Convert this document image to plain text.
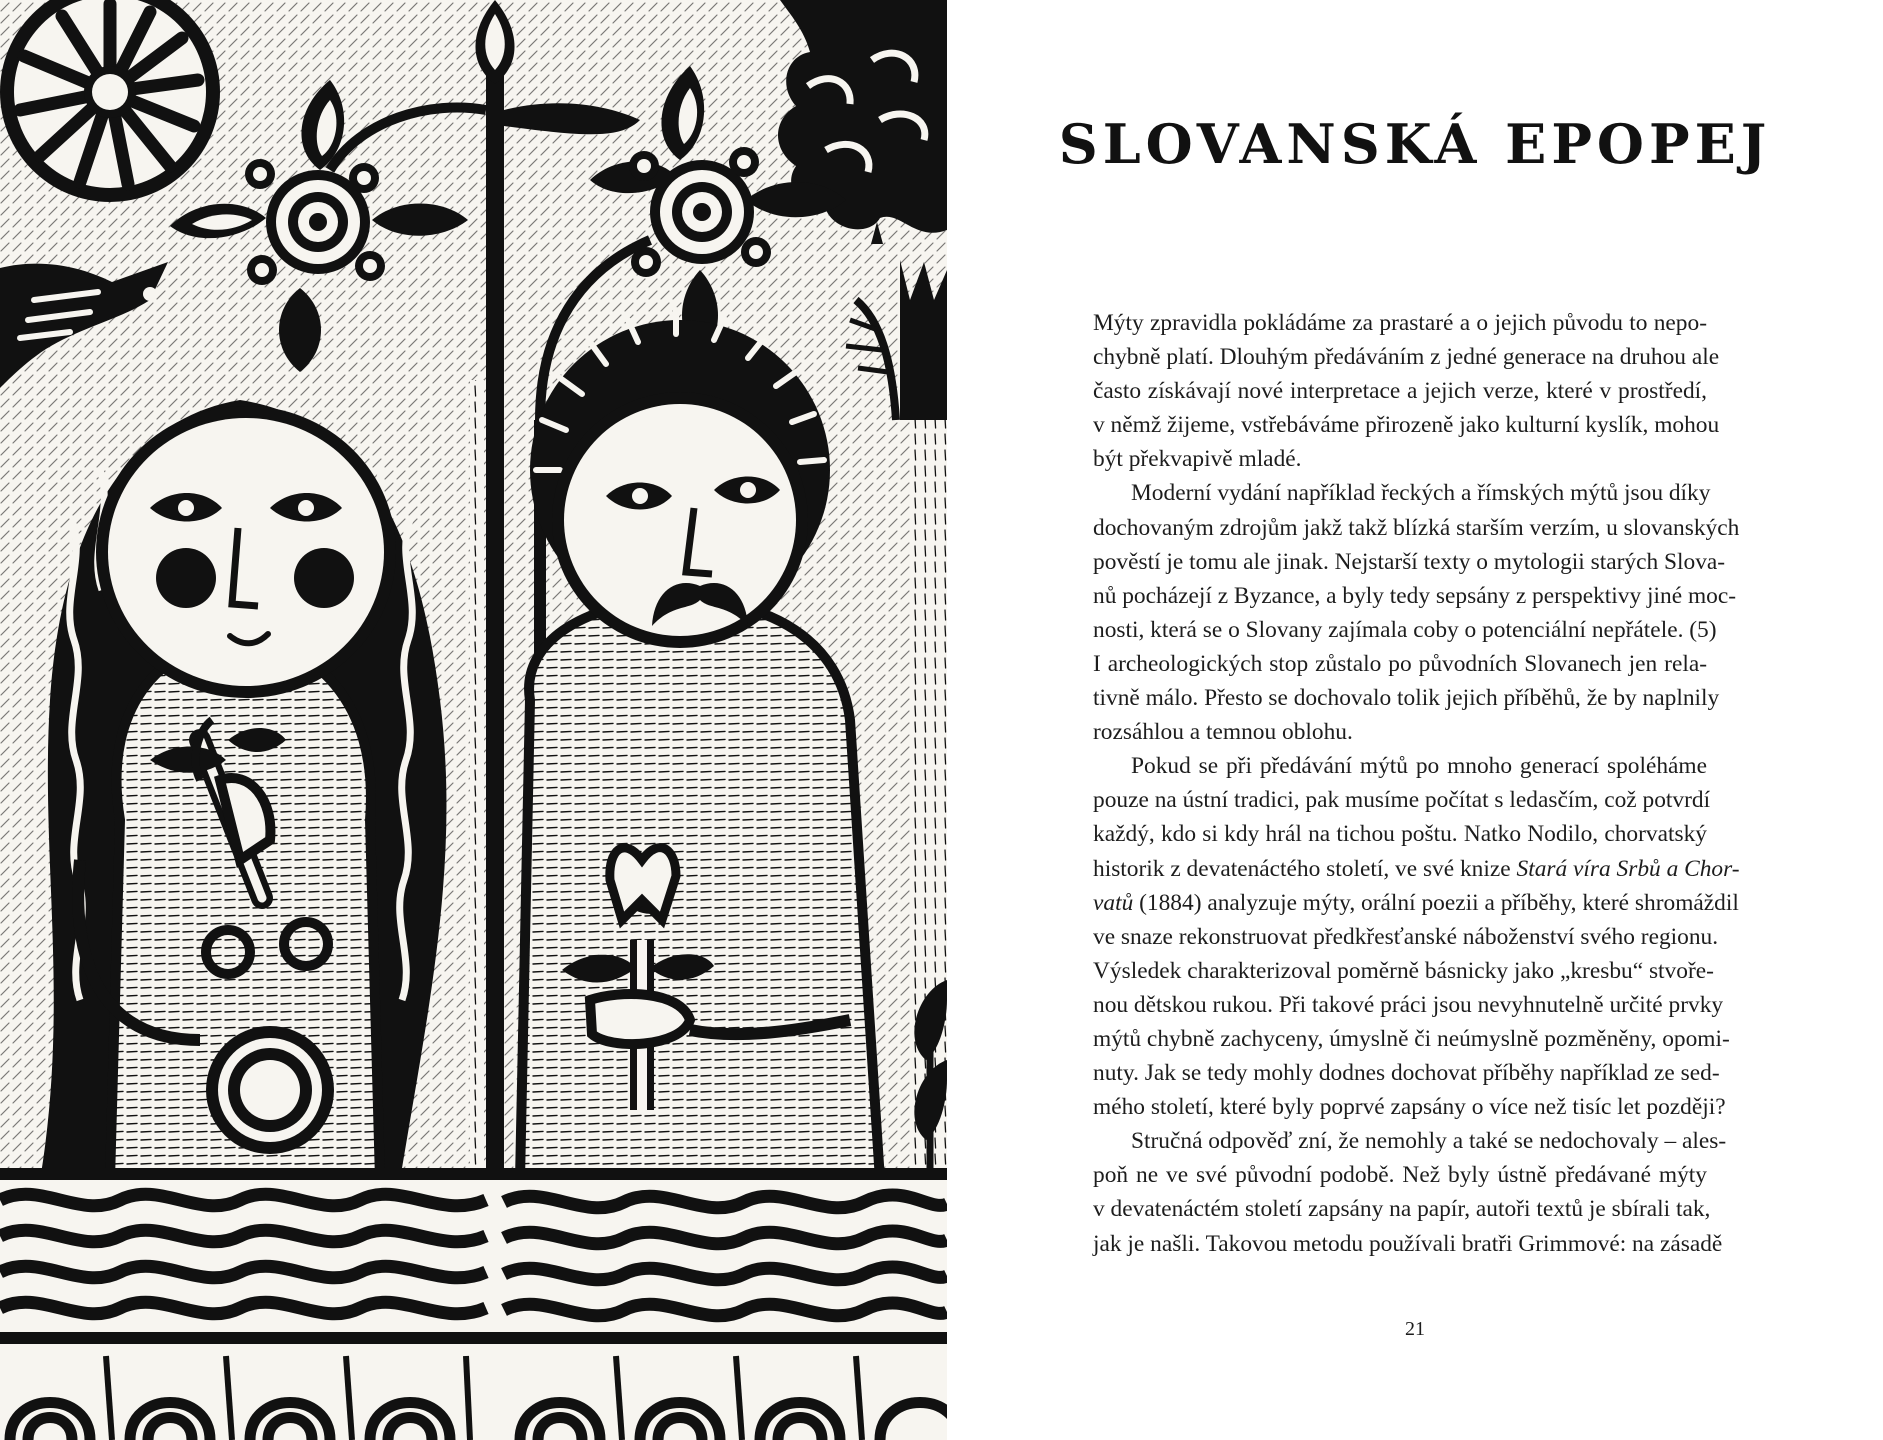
SLOVANSKÁ EPOPEJ
Mýty zpravidla pokládáme za prastaré a o jejich původu to nepo-
chybně platí. Dlouhým předáváním z jedné generace na druhou ale
často získávají nové interpretace a jejich verze, které v prostředí,
v němž žijeme, vstřebáváme přirozeně jako kulturní kyslík, mohou
být překvapivě mladé.
Moderní vydání například řeckých a římských mýtů jsou díky
dochovaným zdrojům jakž takž blízká starším verzím, u slovanských
pověstí je tomu ale jinak. Nejstarší texty o mytologii starých Slova-
nů pocházejí z Byzance, a byly tedy sepsány z perspektivy jiné moc-
nosti, která se o Slovany zajímala coby o potenciální nepřátele. (5)
I archeologických stop zůstalo po původních Slovanech jen rela-
tivně málo. Přesto se dochovalo tolik jejich příběhů, že by naplnily
rozsáhlou a temnou oblohu.
Pokud se při předávání mýtů po mnoho generací spoléháme
pouze na ústní tradici, pak musíme počítat s ledasčím, což potvrdí
každý, kdo si kdy hrál na tichou poštu. Natko Nodilo, chorvatský
historik z devatenáctého století, ve své knize Stará víra Srbů a Chor-
vatů (1884) analyzuje mýty, orální poezii a příběhy, které shromáždil
ve snaze rekonstruovat předkřesťanské náboženství svého regionu.
Výsledek charakterizoval poměrně básnicky jako „kresbu“ stvoře-
nou dětskou rukou. Při takové práci jsou nevyhnutelně určité prvky
mýtů chybně zachyceny, úmyslně či neúmyslně pozměněny, opomi-
nuty. Jak se tedy mohly dodnes dochovat příběhy například ze sed-
mého století, které byly poprvé zapsány o více než tisíc let později?
Stručná odpověď zní, že nemohly a také se nedochovaly – ales-
poň ne ve své původní podobě. Než byly ústně předávané mýty
v devatenáctém století zapsány na papír, autoři textů je sbírali tak,
jak je našli. Takovou metodu používali bratři Grimmové: na zásadě
21
